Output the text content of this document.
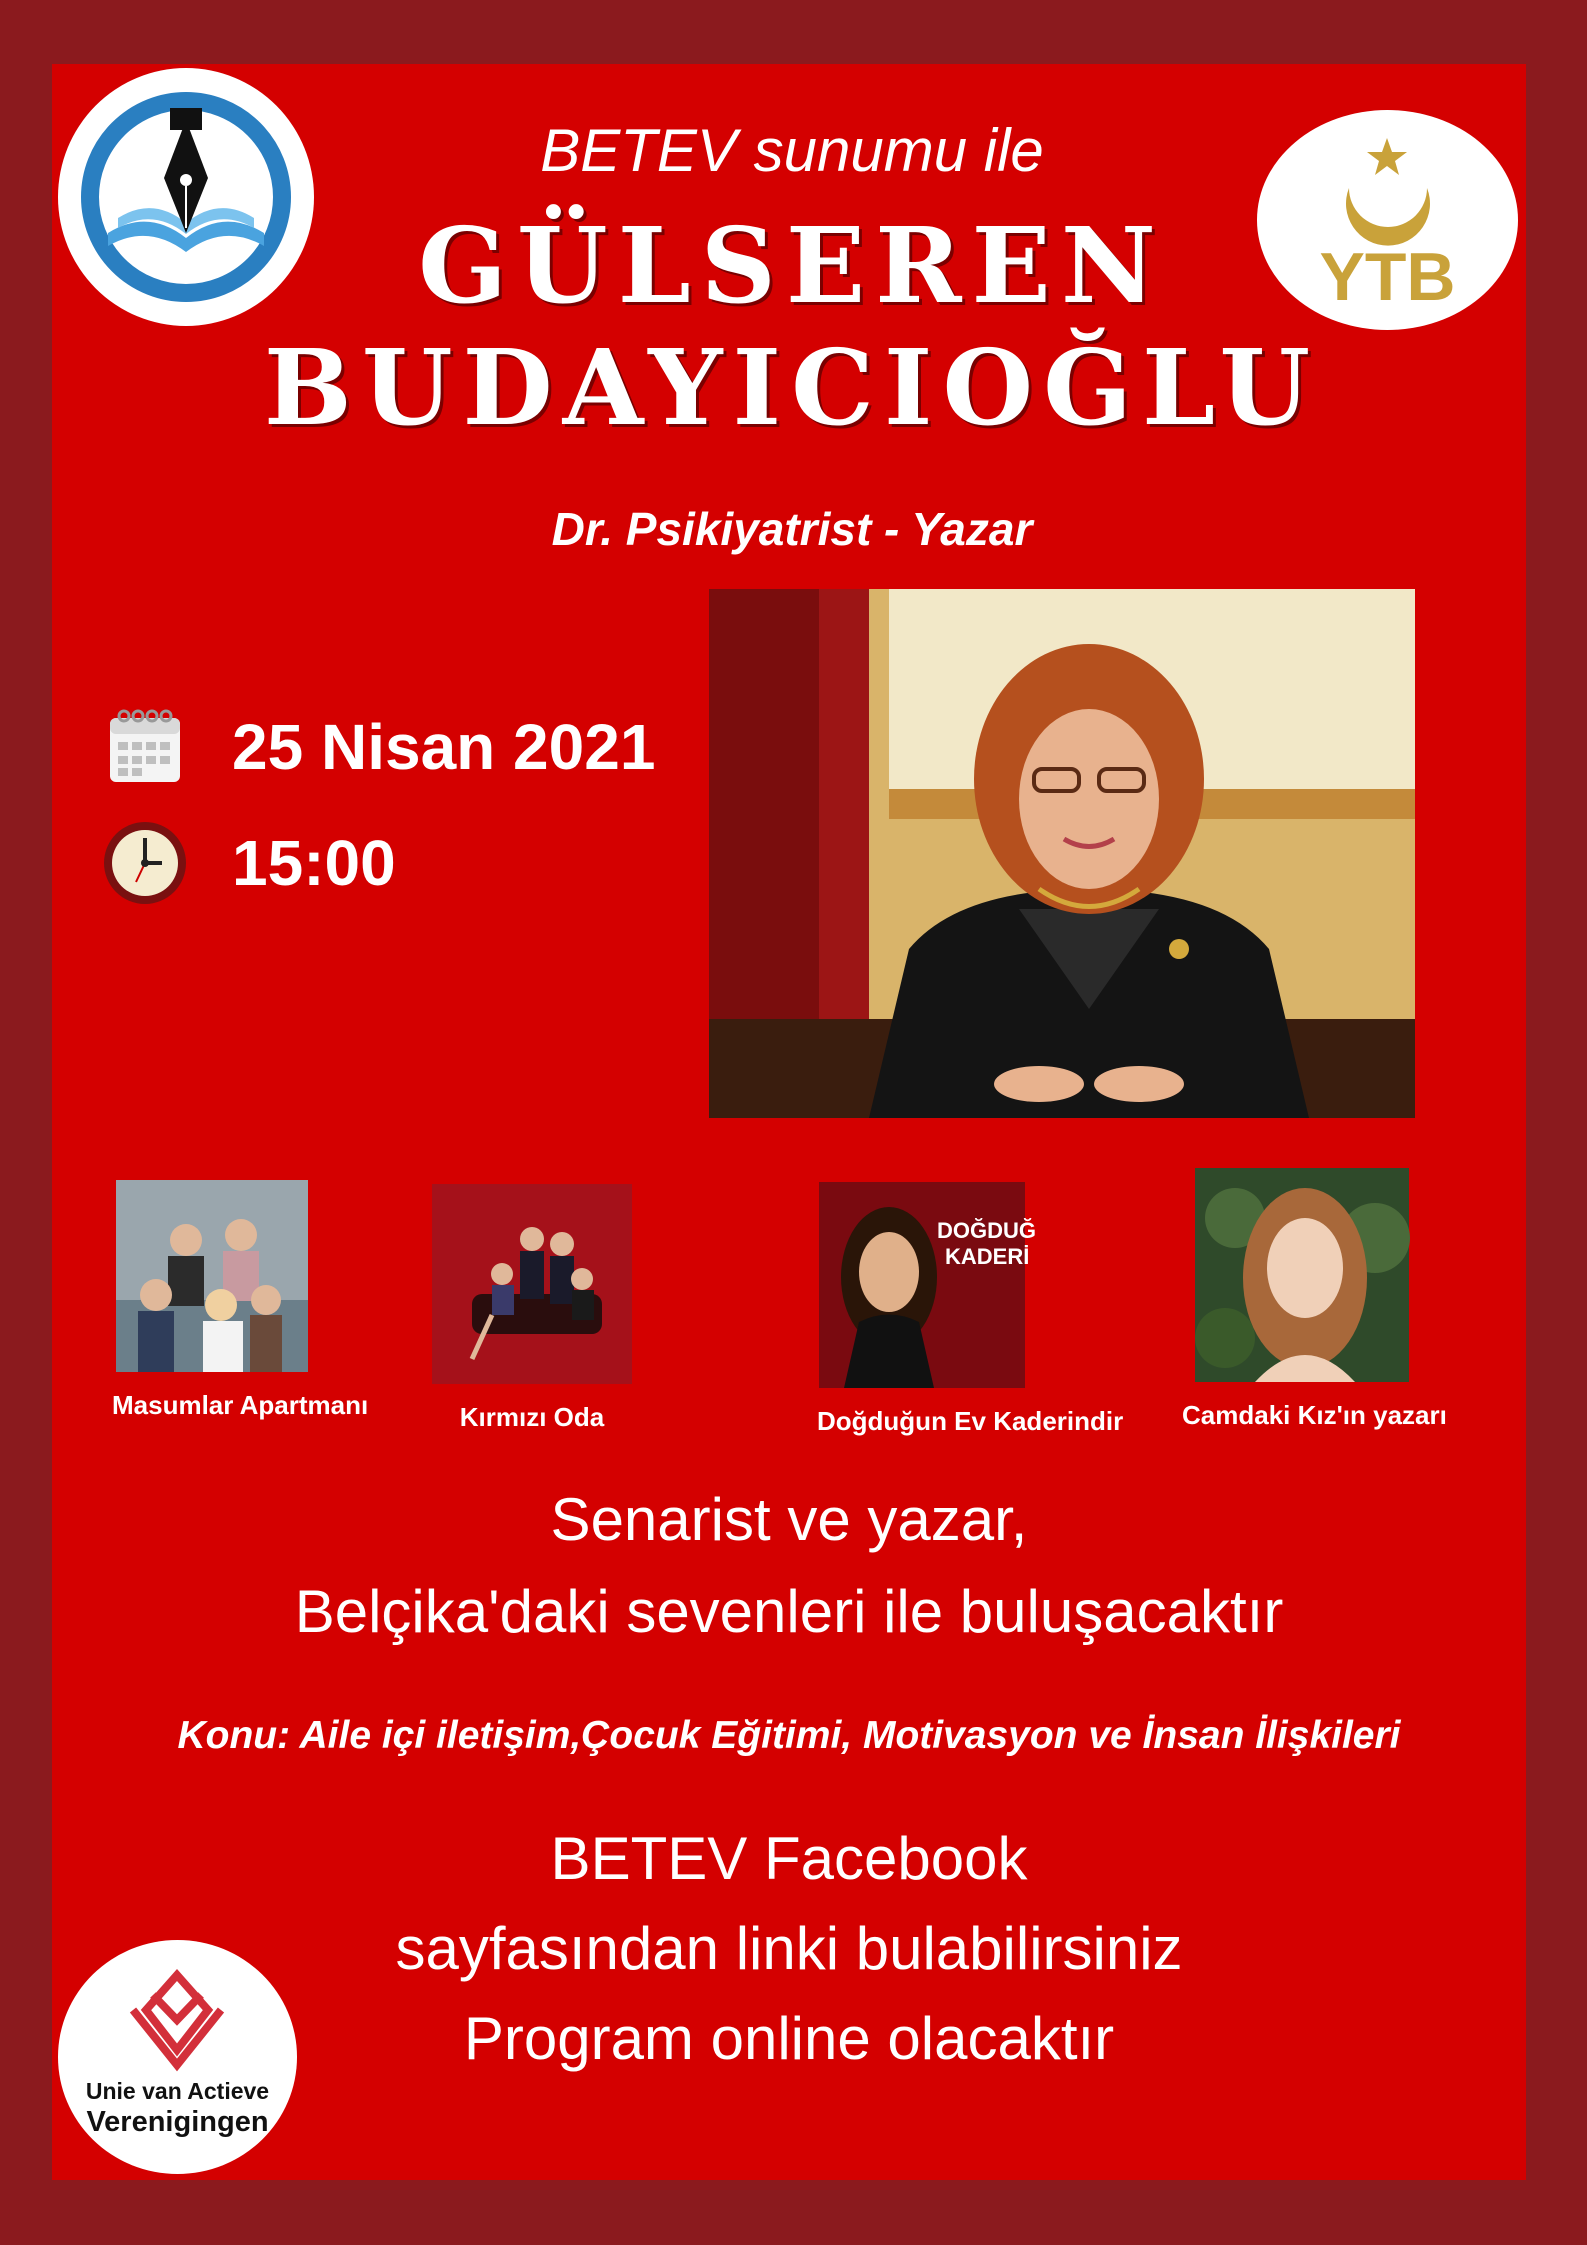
YTB
Unie van Actieve
Verenigingen
BETEV sunumu ile
GÜLSEREN
BUDAYICIOĞLU
Dr. Psikiyatrist - Yazar
25 Nisan 2021
15:00
Masumlar Apartmanı	Kırmızı Oda
DOĞDUĞ
KADERİ
Doğduğun Ev Kaderindir Camdaki Kız'ın yazarı
Senarist ve yazar,
Belçika'daki sevenleri ile buluşacaktır
Konu: Aile içi iletişim,Çocuk Eğitimi, Motivasyon ve İnsan İlişkileri
BETEV Facebook
sayfasından linki bulabilirsiniz
Program online olacaktır
